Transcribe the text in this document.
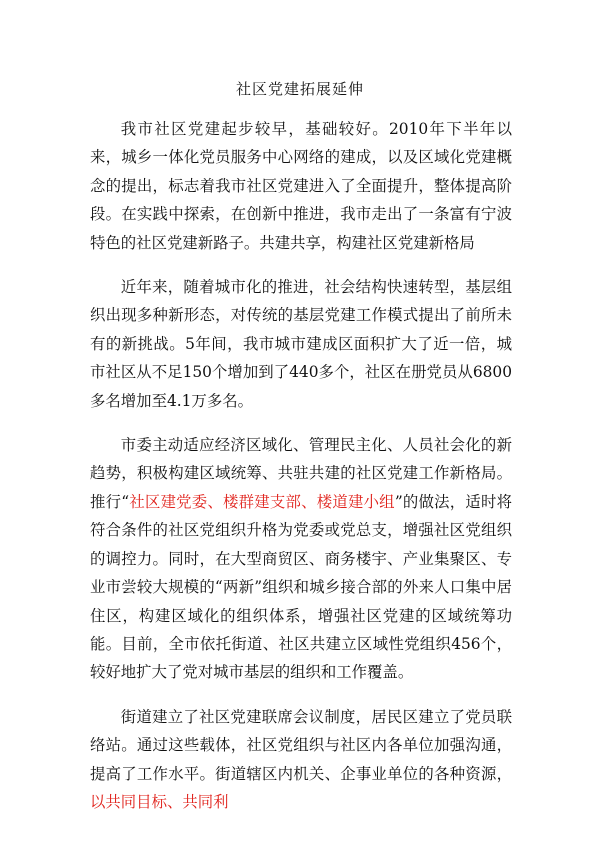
社区党建拓展延伸

我市社区党建起步较早，基础较好。2010年下半年以来，城乡一体化党员服务中心网络的建成，以及区域化党建概念的提出，标志着我市社区党建进入了全面提升，整体提高阶段。在实践中探索，在创新中推进，我市走出了一条富有宁波特色的社区党建新路子。共建共享，构建社区党建新格局

近年来，随着城市化的推进，社会结构快速转型，基层组织出现多种新形态，对传统的基层党建工作模式提出了前所未有的新挑战。5年间，我市城市建成区面积扩大了近一倍，城市社区从不足150个增加到了440多个，社区在册党员从6800多名增加至4.1万多名。

市委主动适应经济区域化、管理民主化、人员社会化的新趋势，积极构建区域统筹、共驻共建的社区党建工作新格局。推行“社区建党委、楼群建支部、楼道建小组”的做法，适时将符合条件的社区党组织升格为党委或党总支，增强社区党组织的调控力。同时，在大型商贸区、商务楼宇、产业集聚区、专业市尝较大规模的“两新”组织和城乡接合部的外来人口集中居住区，构建区域化的组织体系，增强社区党建的区域统筹功能。目前，全市依托街道、社区共建立区域性党组织456个，较好地扩大了党对城市基层的组织和工作覆盖。

街道建立了社区党建联席会议制度，居民区建立了党员联络站。通过这些载体，社区党组织与社区内各单位加强沟通，提高了工作水平。街道辖区内机关、企事业单位的各种资源，以共同目标、共同利
